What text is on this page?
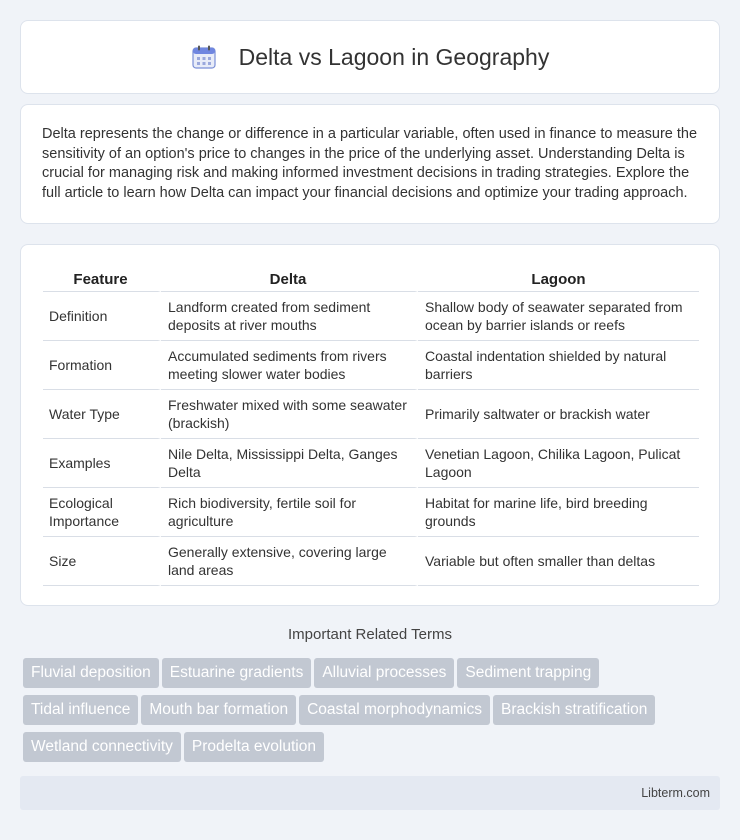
Delta vs Lagoon in Geography

Delta represents the change or difference in a particular variable, often used in finance to measure the sensitivity of an option's price to changes in the price of the underlying asset. Understanding Delta is crucial for managing risk and making informed investment decisions in trading strategies. Explore the full article to learn how Delta can impact your financial decisions and optimize your trading approach.

Feature	Delta	Lagoon
Definition	Landform created from sediment deposits at river mouths	Shallow body of seawater separated from ocean by barrier islands or reefs
Formation	Accumulated sediments from rivers meeting slower water bodies	Coastal indentation shielded by natural barriers
Water Type	Freshwater mixed with some seawater (brackish)	Primarily saltwater or brackish water
Examples	Nile Delta, Mississippi Delta, Ganges Delta	Venetian Lagoon, Chilika Lagoon, Pulicat Lagoon
Ecological Importance	Rich biodiversity, fertile soil for agriculture	Habitat for marine life, bird breeding grounds
Size	Generally extensive, covering large land areas	Variable but often smaller than deltas
Important Related Terms
Fluvial deposition Estuarine gradients Alluvial processes Sediment trapping
Tidal influence Mouth bar formation Coastal morphodynamics Brackish stratification
Wetland connectivity Prodelta evolution
Libterm.com
